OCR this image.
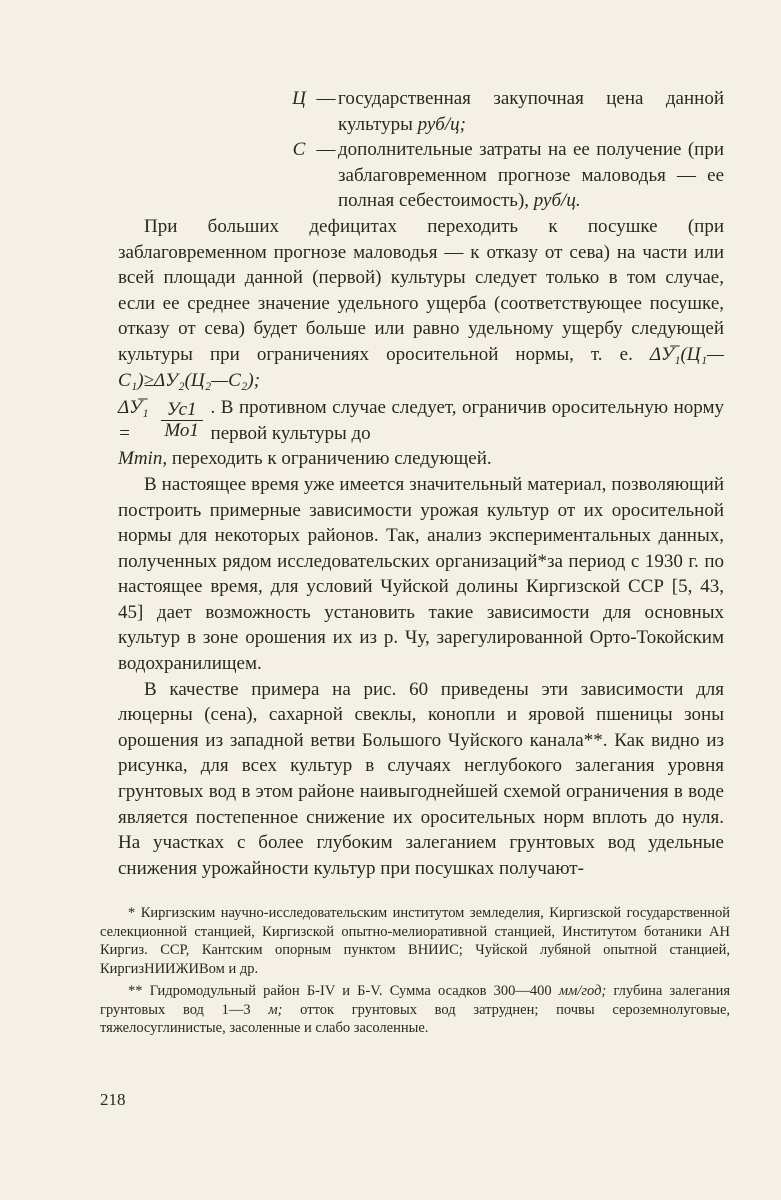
Ц — государственная закупочная цена данной культуры руб/ц;
С — дополнительные затраты на ее получение (при заблаговременном прогнозе маловодья — ее полная себестоимость), руб/ц.

При больших дефицитах переходить к посушке (при заблаговременном прогнозе маловодья — к отказу от сева) на части или всей площади данной (первой) культуры следует только в том случае, если ее среднее значение удельного ущерба (соответствующее посушке, отказу от сева) будет больше или равно удельному ущербу следующей культуры при ограничениях оросительной нормы, т. е. ΔУ̅₁(Ц₁—С₁)≥ΔУ₂(Ц₂—С₂);

ΔУ̅₁ =	$\frac{Ус1}{Мо1}$ . В противном случае следует, ограничив оросительную норму первой культуры до

Mmin, переходить к ограничению следующей.

В настоящее время уже имеется значительный материал, позволяющий построить примерные зависимости урожая культур от их оросительной нормы для некоторых районов. Так, анализ экспериментальных данных, полученных рядом исследовательских организаций*за период с 1930 г. по настоящее время, для условий Чуйской долины Киргизской ССР [5, 43, 45] дает возможность установить такие зависимости для основных культур в зоне орошения их из р. Чу, зарегулированной Орто-Токойским водохранилищем.

В качестве примера на рис. 60 приведены эти зависимости для люцерны (сена), сахарной свеклы, конопли и яровой пшеницы зоны орошения из западной ветви Большого Чуйского канала**. Как видно из рисунка, для всех культур в случаях неглубокого залегания уровня грунтовых вод в этом районе наивыгоднейшей схемой ограничения в воде является постепенное снижение их оросительных норм вплоть до нуля. На участках с более глубоким залеганием грунтовых вод удельные снижения урожайности культур при посушках получают-

* Киргизским научно-исследовательским институтом земледелия, Киргизской государственной селекционной станцией, Киргизской опытно-мелиоративной станцией, Институтом ботаники АН Киргиз. ССР, Кантским опорным пунктом ВНИИС; Чуйской лубяной опытной станцией, КиргизНИИЖИВом и др.

** Гидромодульный район Б-IV и Б-V. Сумма осадков 300—400 мм/год; глубина залегания грунтовых вод 1—3 м; отток грунтовых вод затруднен; почвы сероземнолуговые, тяжелосуглинистые, засоленные и слабо засоленные.

218
